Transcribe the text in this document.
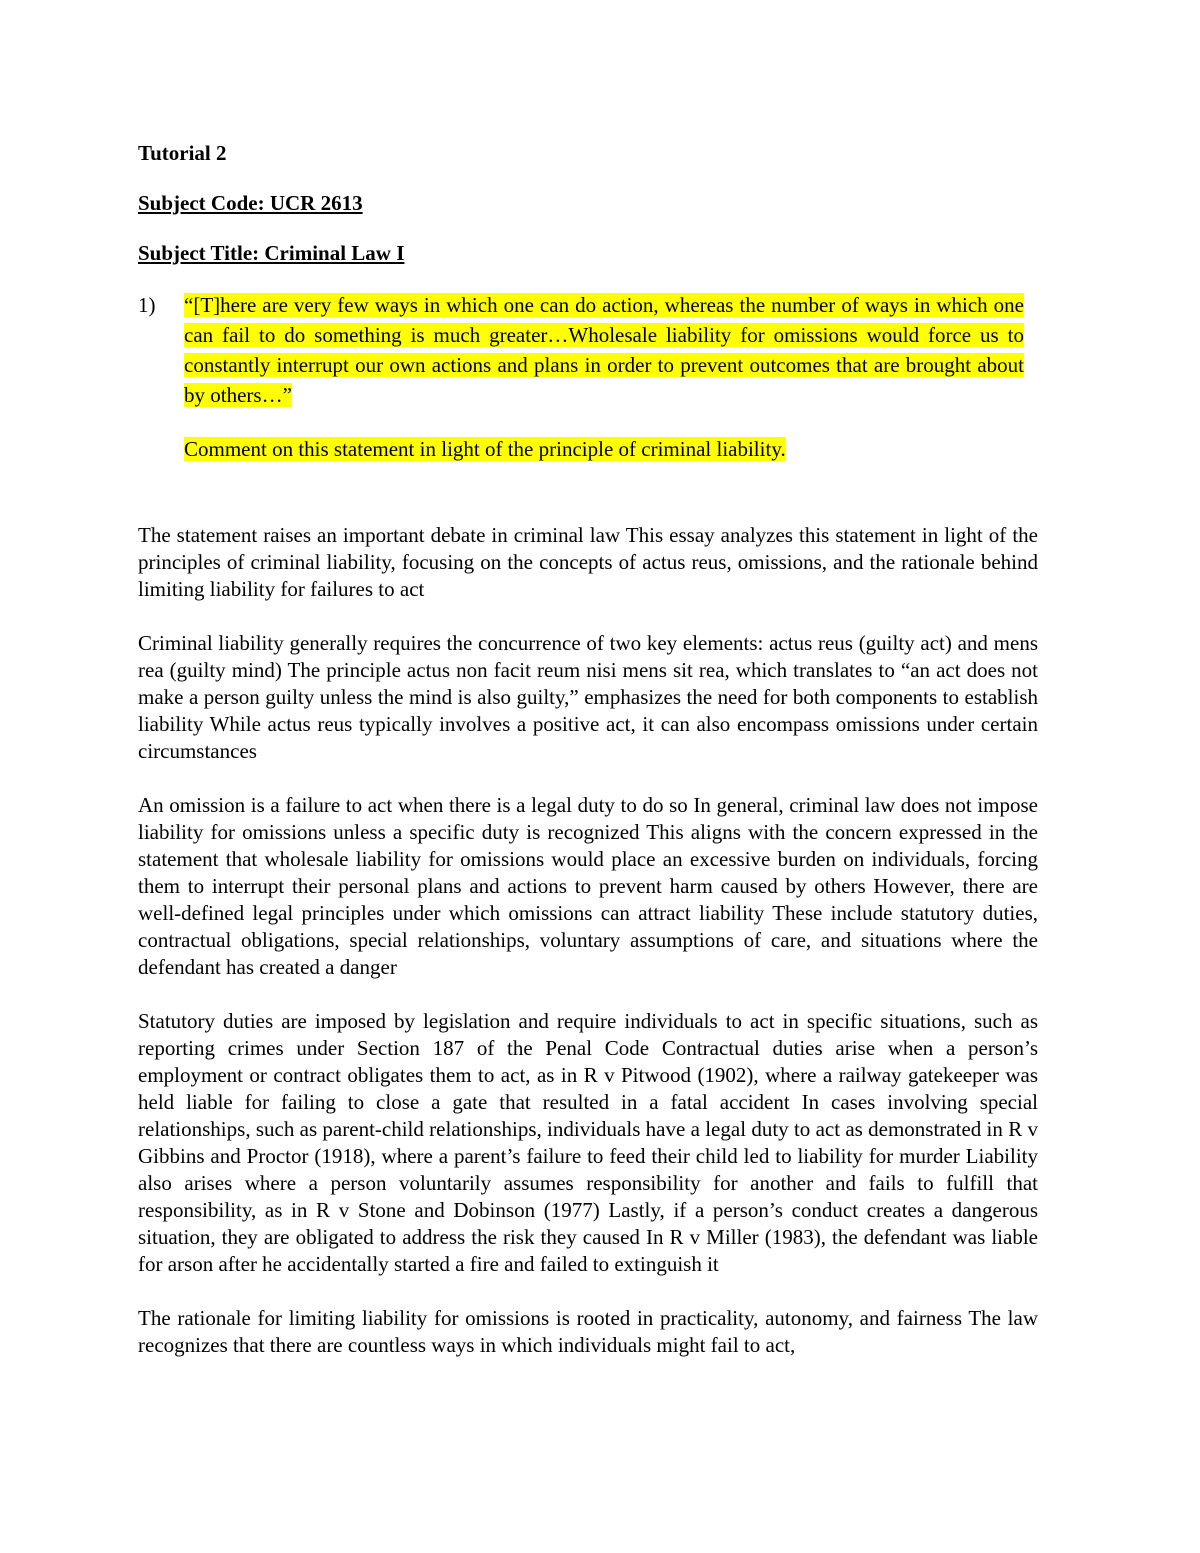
Tutorial 2
Subject Code: UCR 2613
Subject Title: Criminal Law I
1)	“[T]here are very few ways in which one can do action, whereas the number of ways in which one can fail to do something is much greater…Wholesale liability for omissions would force us to constantly interrupt our own actions and plans in order to prevent outcomes that are brought about by others…”
Comment on this statement in light of the principle of criminal liability.

The statement raises an important debate in criminal law This essay analyzes this statement in light of the principles of criminal liability, focusing on the concepts of actus reus, omissions, and the rationale behind limiting liability for failures to act

Criminal liability generally requires the concurrence of two key elements: actus reus (guilty act) and mens rea (guilty mind) The principle actus non facit reum nisi mens sit rea, which translates to “an act does not make a person guilty unless the mind is also guilty,” emphasizes the need for both components to establish liability While actus reus typically involves a positive act, it can also encompass omissions under certain circumstances

An omission is a failure to act when there is a legal duty to do so In general, criminal law does not impose liability for omissions unless a specific duty is recognized This aligns with the concern expressed in the statement that wholesale liability for omissions would place an excessive burden on individuals, forcing them to interrupt their personal plans and actions to prevent harm caused by others However, there are well-defined legal principles under which omissions can attract liability These include statutory duties, contractual obligations, special relationships, voluntary assumptions of care, and situations where the defendant has created a danger

Statutory duties are imposed by legislation and require individuals to act in specific situations, such as reporting crimes under Section 187 of the Penal Code Contractual duties arise when a person’s employment or contract obligates them to act, as in R v Pitwood (1902), where a railway gatekeeper was held liable for failing to close a gate that resulted in a fatal accident In cases involving special relationships, such as parent-child relationships, individuals have a legal duty to act as demonstrated in R v Gibbins and Proctor (1918), where a parent’s failure to feed their child led to liability for murder Liability also arises where a person voluntarily assumes responsibility for another and fails to fulfill that responsibility, as in R v Stone and Dobinson (1977) Lastly, if a person’s conduct creates a dangerous situation, they are obligated to address the risk they caused In R v Miller (1983), the defendant was liable for arson after he accidentally started a fire and failed to extinguish it

The rationale for limiting liability for omissions is rooted in practicality, autonomy, and fairness The law recognizes that there are countless ways in which individuals might fail to act,
